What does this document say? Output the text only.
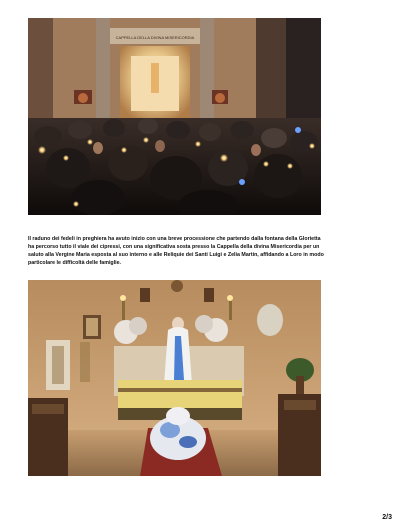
CAPPELLA DELLA DIVINA MISERICORDIA

Il raduno dei fedeli in preghiera ha avuto inizio con una breve processione che partendo dalla fontana della Glorietta ha percorso tutto il viale dei cipressi, con una significativa sosta presso la Cappella della divina Misericordia per un saluto alla Vergine Maria esposta al suo interno e alle Reliquie dei Santi Luigi e Zelia Martin, affidando a Loro in modo particolare le difficoltà delle famiglie.

2/3
